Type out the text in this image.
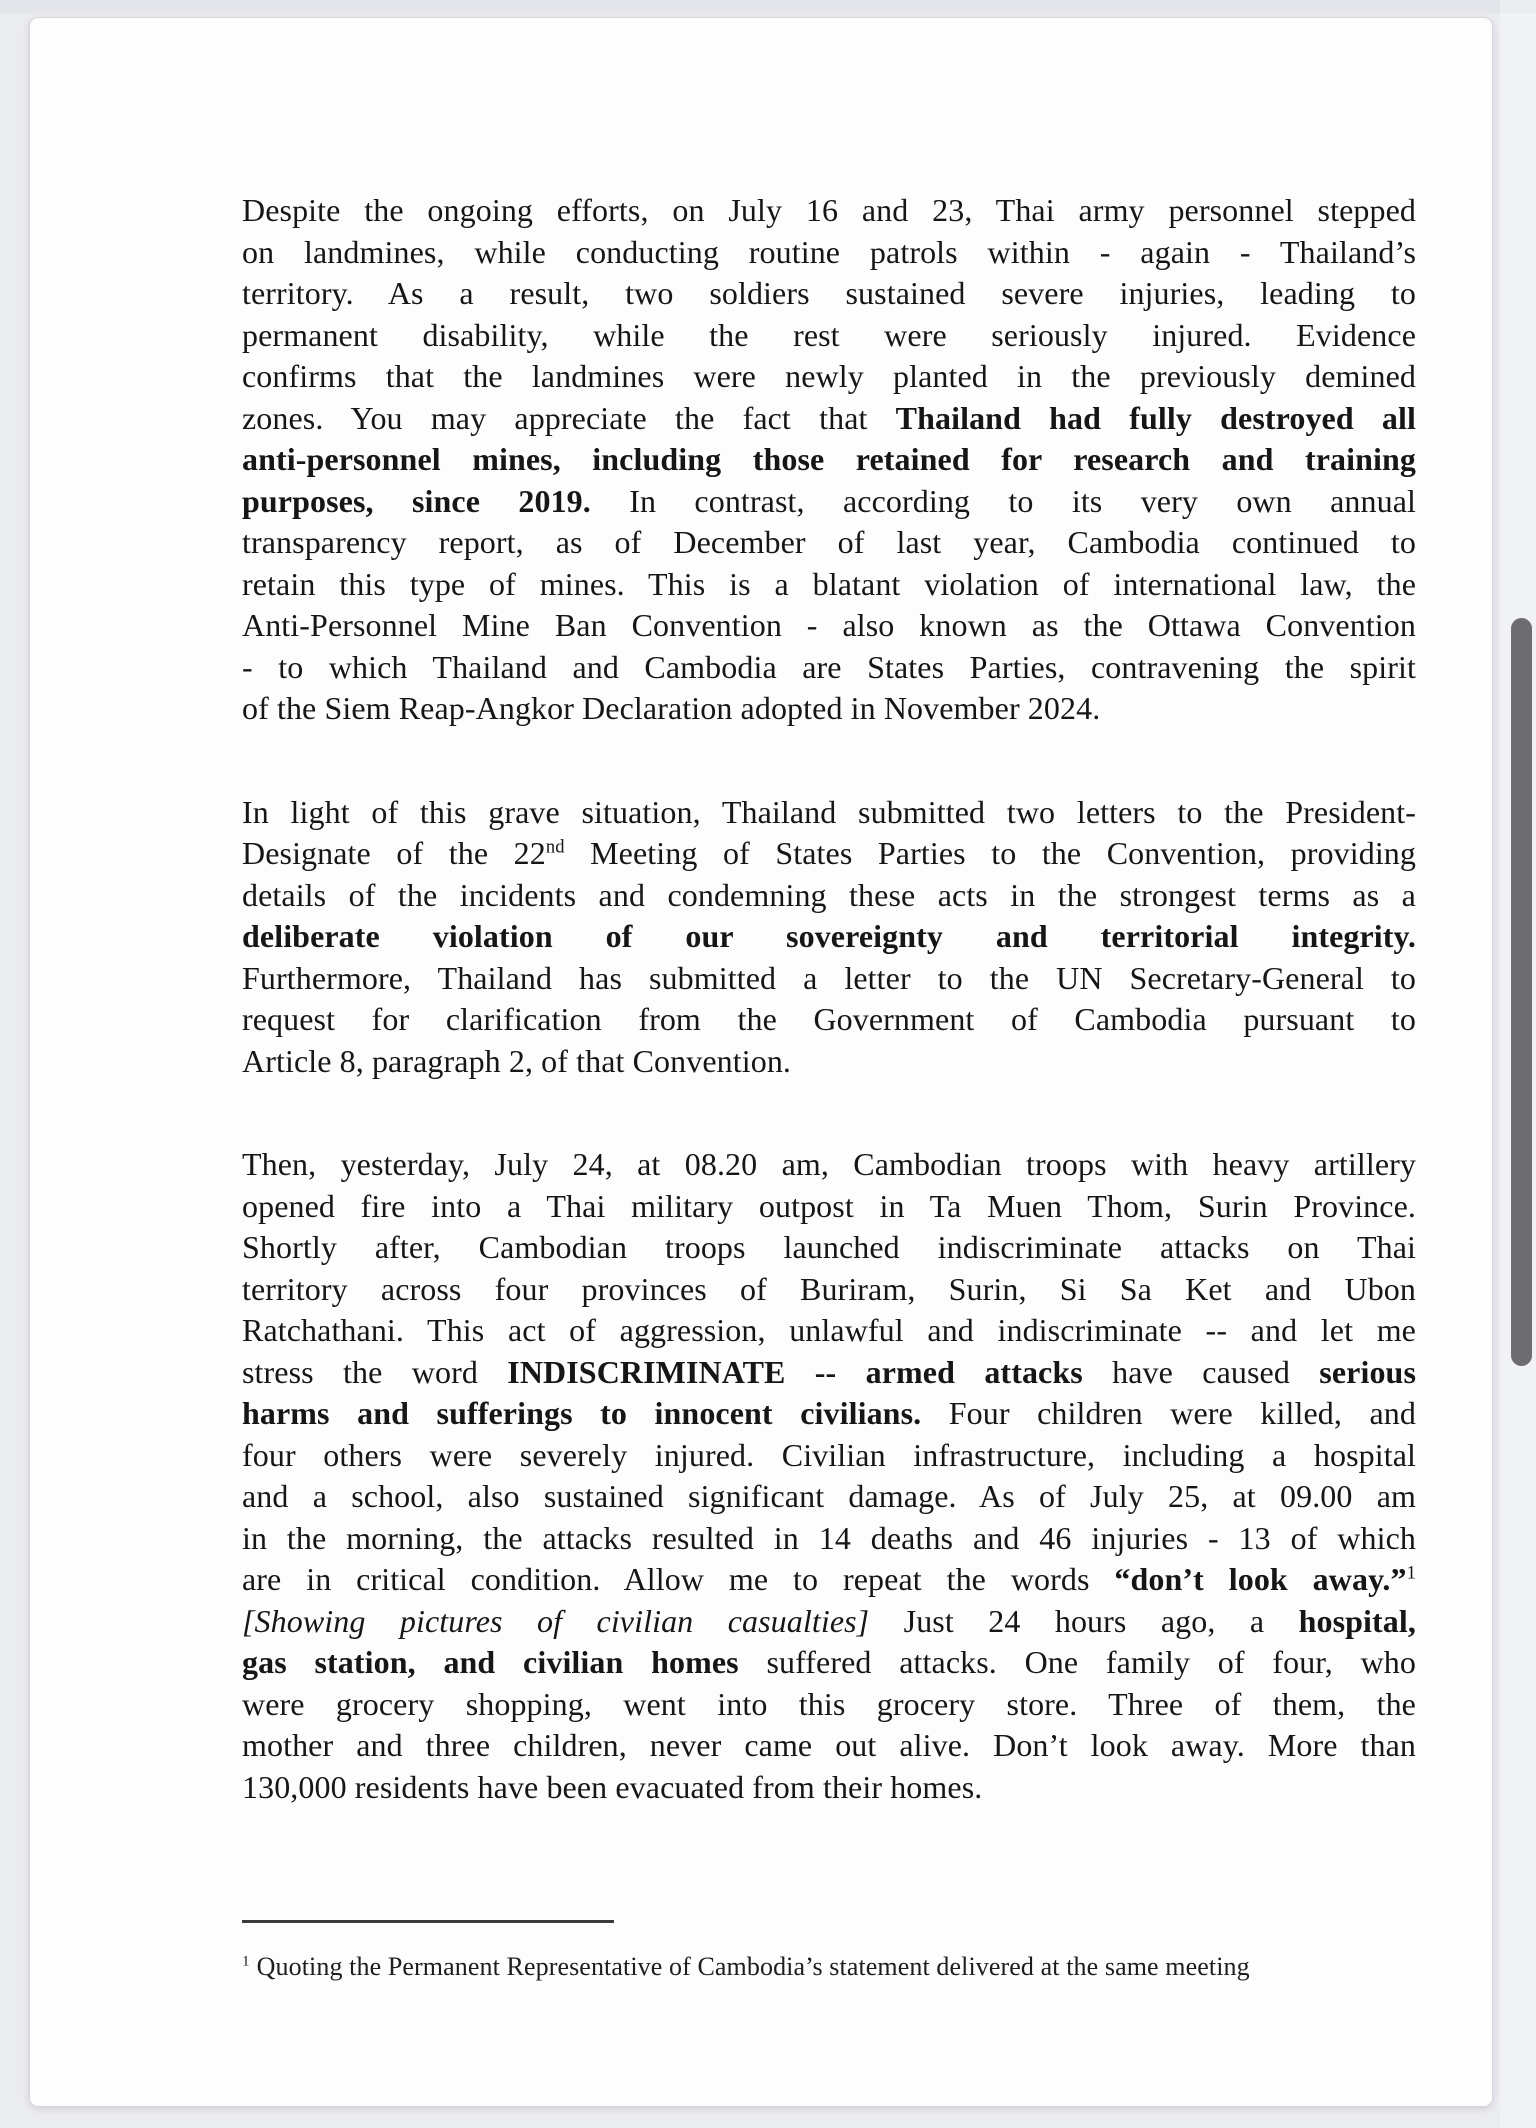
Despite the ongoing efforts, on July 16 and 23, Thai army personnel stepped
on landmines, while conducting routine patrols within - again - Thailand’s
territory. As a result, two soldiers sustained severe injuries, leading to
permanent disability, while the rest were seriously injured. Evidence
confirms that the landmines were newly planted in the previously demined
zones. You may appreciate the fact that Thailand had fully destroyed all
anti-personnel mines, including those retained for research and training
purposes, since 2019. In contrast, according to its very own annual
transparency report, as of December of last year, Cambodia continued to
retain this type of mines. This is a blatant violation of international law, the
Anti-Personnel Mine Ban Convention - also known as the Ottawa Convention
- to which Thailand and Cambodia are States Parties, contravening the spirit
of the Siem Reap-Angkor Declaration adopted in November 2024.
In light of this grave situation, Thailand submitted two letters to the President-
Designate of the 22nd Meeting of States Parties to the Convention, providing
details of the incidents and condemning these acts in the strongest terms as a
deliberate violation of our sovereignty and territorial integrity.
Furthermore, Thailand has submitted a letter to the UN Secretary-General to
request for clarification from the Government of Cambodia pursuant to
Article 8, paragraph 2, of that Convention.
Then, yesterday, July 24, at 08.20 am, Cambodian troops with heavy artillery
opened fire into a Thai military outpost in Ta Muen Thom, Surin Province.
Shortly after, Cambodian troops launched indiscriminate attacks on Thai
territory across four provinces of Buriram, Surin, Si Sa Ket and Ubon
Ratchathani. This act of aggression, unlawful and indiscriminate -- and let me
stress the word INDISCRIMINATE -- armed attacks have caused serious
harms and sufferings to innocent civilians. Four children were killed, and
four others were severely injured. Civilian infrastructure, including a hospital
and a school, also sustained significant damage. As of July 25, at 09.00 am
in the morning, the attacks resulted in 14 deaths and 46 injuries - 13 of which
are in critical condition. Allow me to repeat the words “don’t look away.”$^1$
[Showing pictures of civilian casualties] Just 24 hours ago, a hospital,
gas station, and civilian homes suffered attacks. One family of four, who
were grocery shopping, went into this grocery store. Three of them, the
mother and three children, never came out alive. Don’t look away. More than
130,000 residents have been evacuated from their homes.
$^1$ Quoting the Permanent Representative of Cambodia’s statement delivered at the same meeting
